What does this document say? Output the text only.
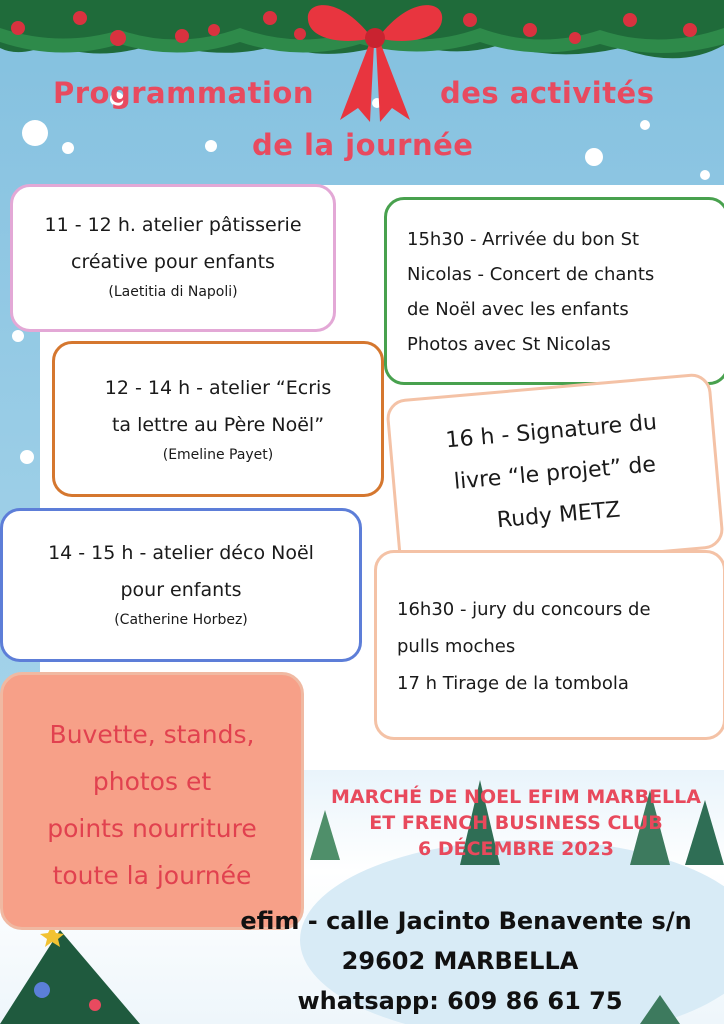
Programmation	des activités
de la journée
11 - 12 h. atelier pâtisserie
créative pour enfants
(Laetitia di Napoli)
12 - 14 h - atelier “Ecris
ta lettre au Père Noël”
(Emeline Payet)
14 - 15 h - atelier déco Noël
pour enfants
(Catherine Horbez)
15h30 - Arrivée du bon St
Nicolas - Concert de chants
de Noël avec les enfants
Photos avec St Nicolas
16 h - Signature du
livre “le projet” de
Rudy METZ
16h30 - jury du concours de
pulls moches
17 h Tirage de la tombola
Buvette, stands,
photos et
points nourriture
toute la journée
MARCHÉ DE NOEL EFIM MARBELLA
ET FRENCH BUSINESS CLUB
6 DÉCEMBRE 2023
efim - calle Jacinto Benavente s/n
29602 MARBELLA
whatsapp: 609 86 61 75
